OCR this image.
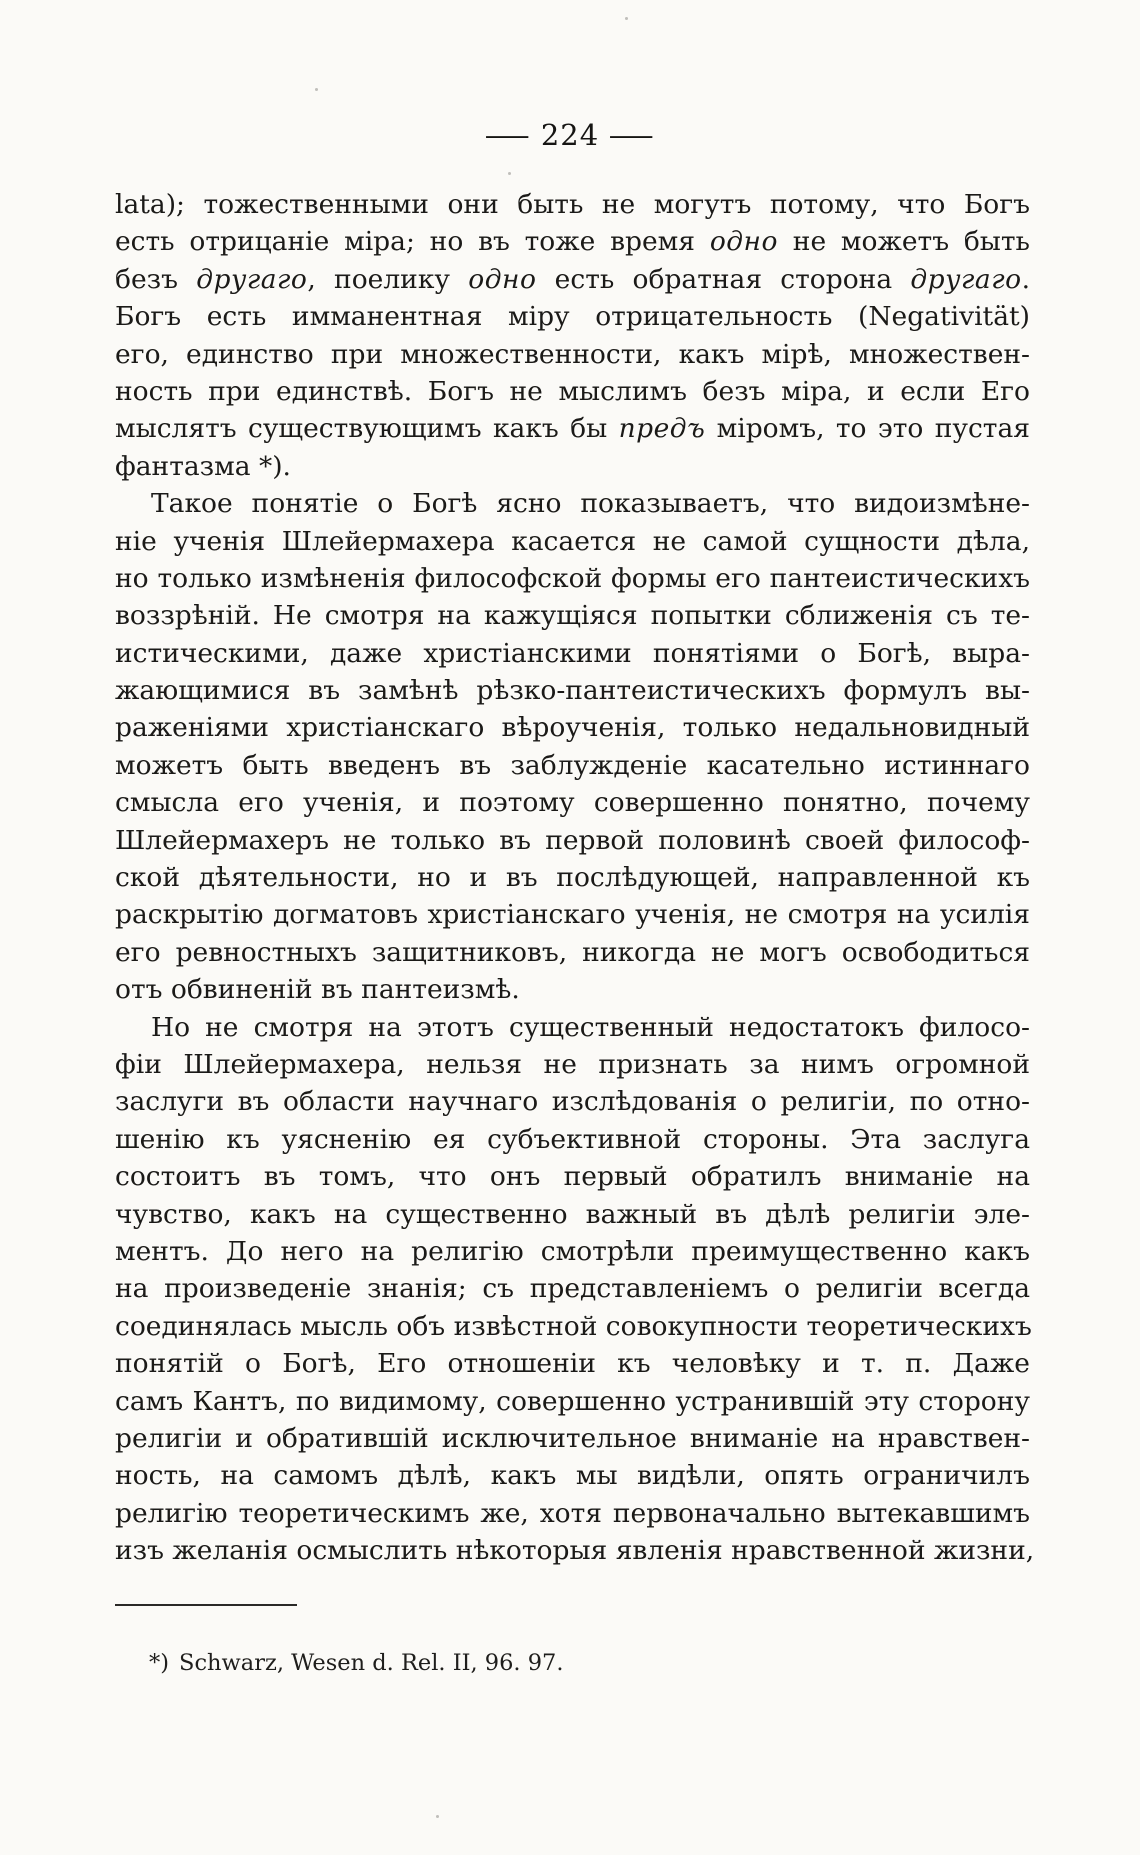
— 224 —
lata); тожественными они быть не могутъ потому, что Богъ
есть отрицаніе міра; но въ тоже время одно не можетъ быть
безъ другаго, поелику одно есть обратная сторона другаго.
Богъ есть имманентная міру отрицательность (Negativität)
его, единство при множественности, какъ мірѣ, множествен-
ность при единствѣ. Богъ не мыслимъ безъ міра, и если Его
мыслятъ существующимъ какъ бы предъ міромъ, то это пустая
фантазма *).
Такое понятіе о Богѣ ясно показываетъ, что видоизмѣне-
ніе ученія Шлейермахера касается не самой сущности дѣла,
но только измѣненія философской формы его пантеистическихъ
воззрѣній. Не смотря на кажущіяся попытки сближенія съ те-
истическими, даже христіанскими понятіями о Богѣ, выра-
жающимися въ замѣнѣ рѣзко-пантеистическихъ формулъ вы-
раженіями христіанскаго вѣроученія, только недальновидный
можетъ быть введенъ въ заблужденіе касательно истиннаго
смысла его ученія, и поэтому совершенно понятно, почему
Шлейермахеръ не только въ первой половинѣ своей философ-
ской дѣятельности, но и въ послѣдующей, направленной къ
раскрытію догматовъ христіанскаго ученія, не смотря на усилія
его ревностныхъ защитниковъ, никогда не могъ освободиться
отъ обвиненій въ пантеизмѣ.
Но не смотря на этотъ существенный недостатокъ филосо-
фіи Шлейермахера, нельзя не признать за нимъ огромной
заслуги въ области научнаго изслѣдованія о религіи, по отно-
шенію къ уясненію ея субъективной стороны. Эта заслуга
состоитъ въ томъ, что онъ первый обратилъ вниманіе на
чувство, какъ на существенно важный въ дѣлѣ религіи эле-
ментъ. До него на религію смотрѣли преимущественно какъ
на произведеніе знанія; съ представленіемъ о религіи всегда
соединялась мысль объ извѣстной совокупности теоретическихъ
понятій о Богѣ, Его отношеніи къ человѣку и т. п. Даже
самъ Кантъ, по видимому, совершенно устранившій эту сторону
религіи и обратившій исключительное вниманіе на нравствен-
ность, на самомъ дѣлѣ, какъ мы видѣли, опять ограничилъ
религію теоретическимъ же, хотя первоначально вытекавшимъ
изъ желанія осмыслить нѣкоторыя явленія нравственной жизни,
*) Schwarz, Wesen d. Rel. II, 96. 97.
